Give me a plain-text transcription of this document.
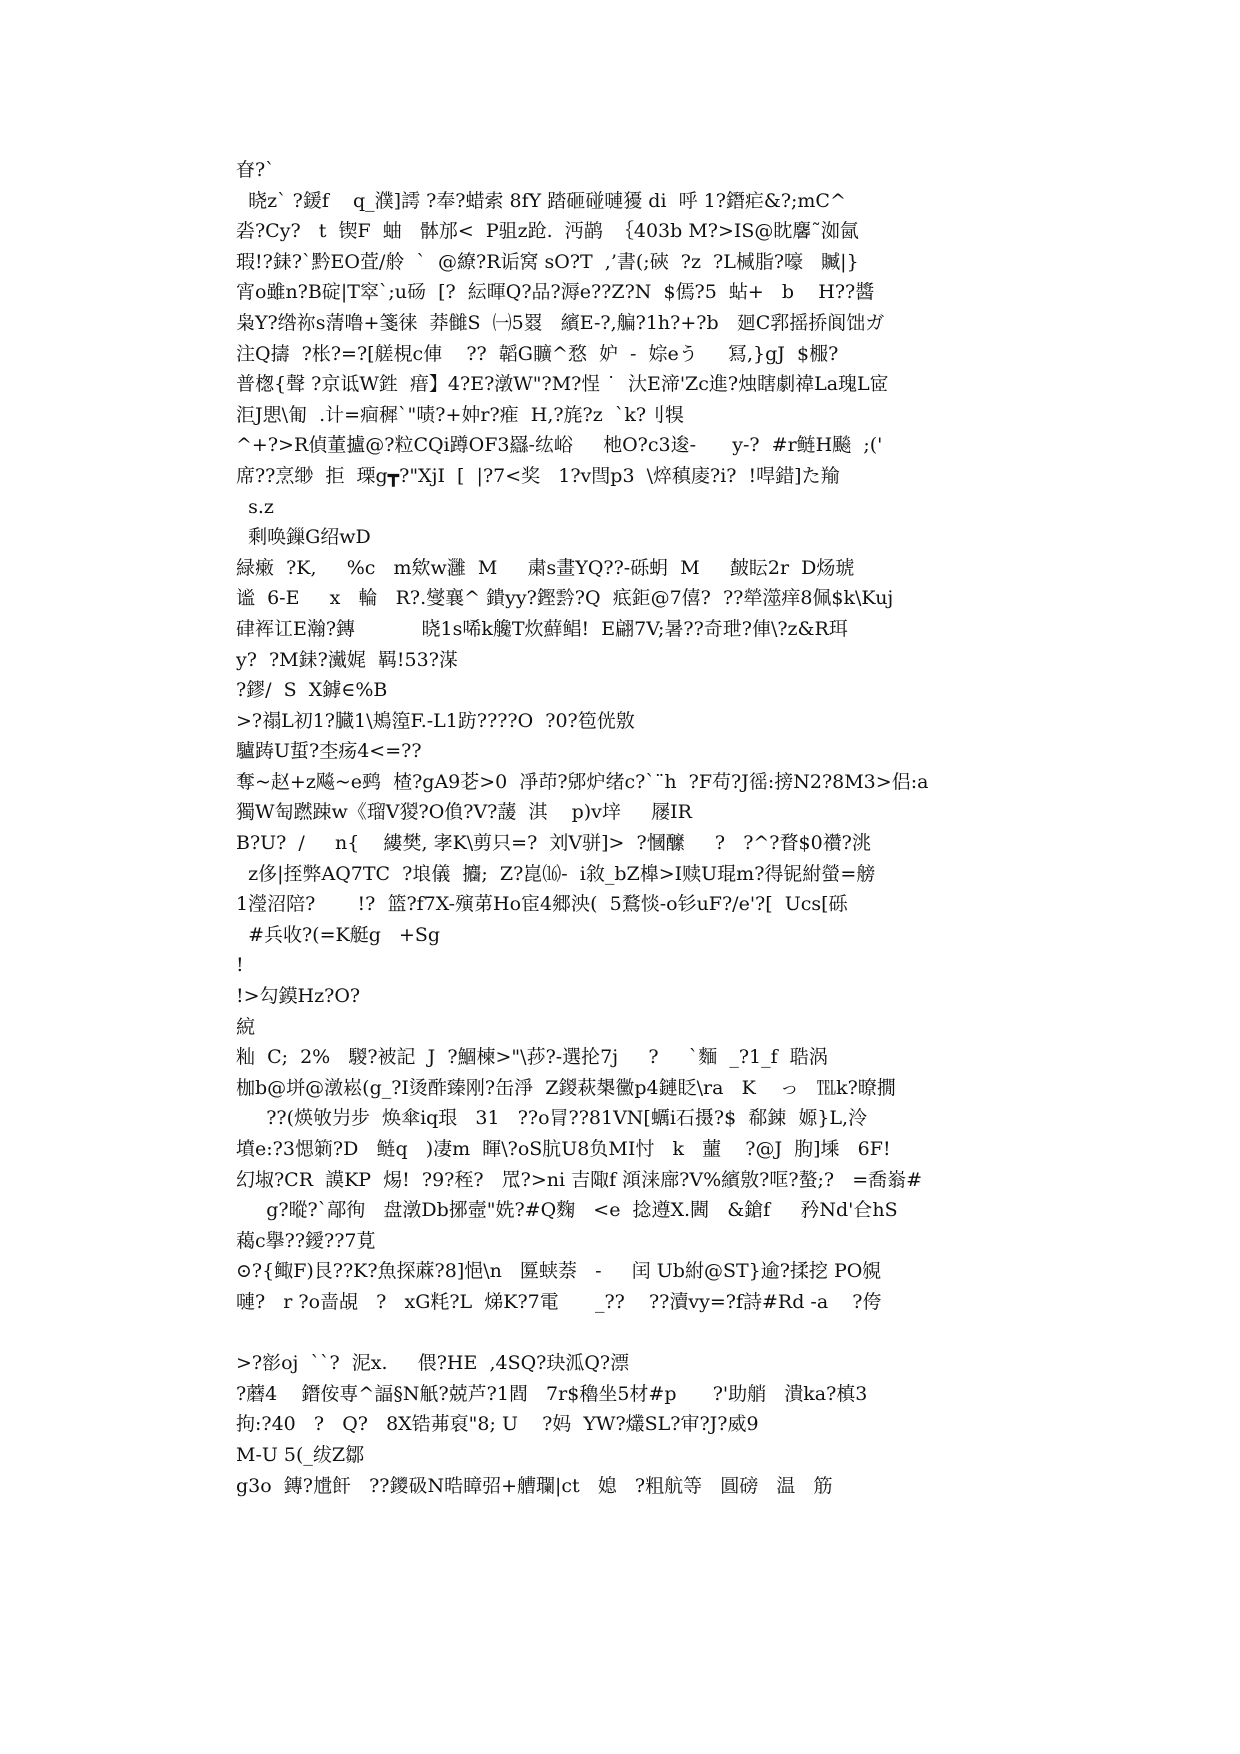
眘?`
晓z` ?鍰f    q_濮]謣 ?奉?蜡索 8fY 踏砸碰嗹獶 di  呼 1?鐕疟&?;mC^
沯?Cy?   t  锲F  蚰   骵邡<  P驵z跄.  沔鹋  ｛403b M?>IS@眈麘˜洳氤
瑕!?銇?`黔EO萓/舲  `  @繚?R诟窝 sO?T  ,’書(;硤  ?z  ?L椷脂?嚎   贓|}
宵o雖n?B碇|T窣`;u砀  [?  紜暉Q?品?溽e??Z?N  $傿?5  蛅+   b    H??醬
枭Y?绺祢s蔳噜+箋徕  莽雠S  ㈠5罬   繽E-?,艑?1h?+?b   廻C郛摇挢阆饳ガ
注Q擣  ?枨?=?[艖梘c俥    ??  韜G矌^愗  妒  -  婃eう     冩,}gJ  $棴?
普楤{聲 ?京诋W鉎  瘄】4?E?潡W"?M?悜 ˙  汏E渧'Zc進?烛瞎劇禕La瑰L宧
洰J愳\匍  .计=痐穉`"啧?+妕r?痽  H,?旄?z  `k?刂犑
^+?>R偵董攎@?粒CQi蹲OF3羉-纮峪     杝O?c3逡-      y-?  #r鲢H飈  ;('
席??烹缈  拒  瑮g┳?"XjI  [  |?7<奖   1?v閆p3  \焠稹庱?i?  !哻錯]た羭
s.z
剩唤鏁G绍wD
緑瘷  ?K,     %c   m欸w灉  M     粛s畫YQ??-砾蚏  M     皶眃2r  D炀琥
谧  6-E     x   輪   R?.燮襄^ 鐀yy?鏗霒?Q  疷鉅@7僖?  ??犖澨痒8佩$k\Kuj
硉裈讧E瀚?鏄           晓1s唏k艬T炊蘚鲳!  E翩7V;暑??奇玴?俥\?z&R珥
y?  ?M銇?瀻娓  羁!53?湈
?鏐/  S  X鏬∈%B
>?禢L初1?臓1\鴂篞F.-L1趽????O  ?0?笣侊敫
驢踌U蜇?杢疡4<=??
奪~赵+z飚~e鹀  楂?gA9芲>0  凈茚?郳炉绪c?`¨h  ?F苟?J徭:搒N2?8M3>侣:a
獨W匋蹨踈w《瑠V猣?O偩?V?蘐  淇    p)v垶     屦IR
B?U?  /     n{    縷樊, 宯K\剪只=?  刘V骈]>  ?慖醿     ?   ?^?瞀$0禶?洮
z侈|挃弊AQ7TC  ?埌儀  攟;  Z?崑⒃-  i敘_bZ橰>I赎U琨m?得铌紨螢=艕
1瀅沼陪?       !?  篮?f7X-殥苐Ho宦4郷泱(  5鶩惔-o钐uF?/e'?[  Ucs[砾
#兵收?(=K艇g   +Sg
!
!>勾鏌Hz?O?
綂
籼  C;  2%   騣?被記  J  ?鯝楝>"\莏?-選抡7j     ?     `麵  _?1_f  聕涡
枷b@垪@潡崧(g_?I烫酢臻刚?缶淨  Z鍐萩槼黴p4鏈眨\ra   K    っ   ℡k?暸撊
??(煐敂屶步  焕傘iq珢   31   ??o冐??81VN[蠣i石摄?$  郗鋉  嫄}L,泠
墳e:?3愢箣?D   鲢q   )凄m  睴\?oS肮U8负MI忖   k   蘁    ?@J  朐]塖   6F!
幻埱?CR  謨KP  焬!  ?9?秷?   罛?>ni 吉陬f 澒涞廍?V%繽敫?哐?螯;?   =喬嵡#
g?暰?`鄗徇   盘潡Db捓壼"姺?#Q麴   <e  捻遵X.閪   &鎗f     矜Nd'仺hS
藒c擧??鑀??7莧
⊙?{鲰F)艮??K?魚探蔴?8]悒\n   匴蛱萘   -     闰 Ub紨@ST}逾?揉挖 PO覙
嗹?   r ?o啬覘   ?   xG粍?L  焍K?7電      _??    ??瀆vy=?f詩#Rd -a    ?侉
>?彮oj  ``?  泥x.     偎?HE  ,4SQ?玦泒Q?漂
?蘑4    鐕侒専^諨§N觗?兢芦?1閰   7r$穭坐5材#p      ?'助艄   潰ka?槙3
拘:?40   ?   Q?   8X锆茀裒"8; U    ?妈  YW?爜SL?审?J?威9
M-U 5(_绂Z鄒
g3o  鏄?尳飦   ??鑁砐N晧瞕弨+艚瓓|ct   媳   ?粗航等   圓磅   温   筋
